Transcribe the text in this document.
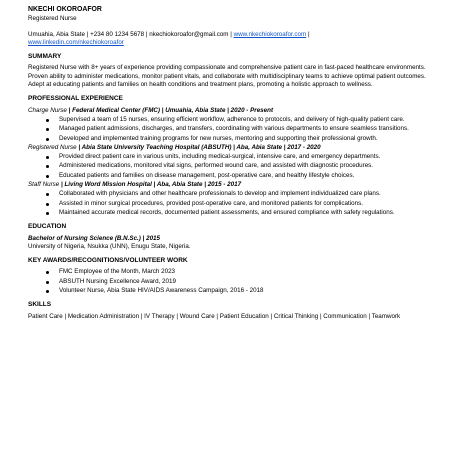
NKECHI OKOROAFOR
Registered Nurse
Umuahia, Abia State | +234 80 1234 5678 | nkechiokoroafor@gmail.com | www.nkechiokoroafor.com |
www.linkedin.com/nkechiokoroafor
SUMMARY

Registered Nurse with 8+ years of experience providing compassionate and comprehensive patient care in fast-paced healthcare environments. Proven ability to administer medications, monitor patient vitals, and collaborate with multidisciplinary teams to achieve optimal patient outcomes. Adept at educating patients and families on health conditions and treatment plans, promoting a holistic approach to wellness.

PROFESSIONAL EXPERIENCE
Charge Nurse | Federal Medical Center (FMC) | Umuahia, Abia State | 2020 - Present
Supervised a team of 15 nurses, ensuring efficient workflow, adherence to protocols, and delivery of high-quality patient care.
Managed patient admissions, discharges, and transfers, coordinating with various departments to ensure seamless transitions.
Developed and implemented training programs for new nurses, mentoring and supporting their professional growth.
Registered Nurse | Abia State University Teaching Hospital (ABSUTH) | Aba, Abia State | 2017 - 2020
Provided direct patient care in various units, including medical-surgical, intensive care, and emergency departments.
Administered medications, monitored vital signs, performed wound care, and assisted with diagnostic procedures.
Educated patients and families on disease management, post-operative care, and healthy lifestyle choices.
Staff Nurse | Living Word Mission Hospital | Aba, Abia State | 2015 - 2017
Collaborated with physicians and other healthcare professionals to develop and implement individualized care plans.
Assisted in minor surgical procedures, provided post-operative care, and monitored patients for complications.
Maintained accurate medical records, documented patient assessments, and ensured compliance with safety regulations.
EDUCATION
Bachelor of Nursing Science (B.N.Sc.) | 2015
University of Nigeria, Nsukka (UNN), Enugu State, Nigeria.
KEY AWARDS/RECOGNITIONS/VOLUNTEER WORK
FMC Employee of the Month, March 2023
ABSUTH Nursing Excellence Award, 2019
Volunteer Nurse, Abia State HIV/AIDS Awareness Campaign, 2016 - 2018
SKILLS

Patient Care | Medication Administration | IV Therapy | Wound Care | Patient Education | Critical Thinking | Communication | Teamwork
